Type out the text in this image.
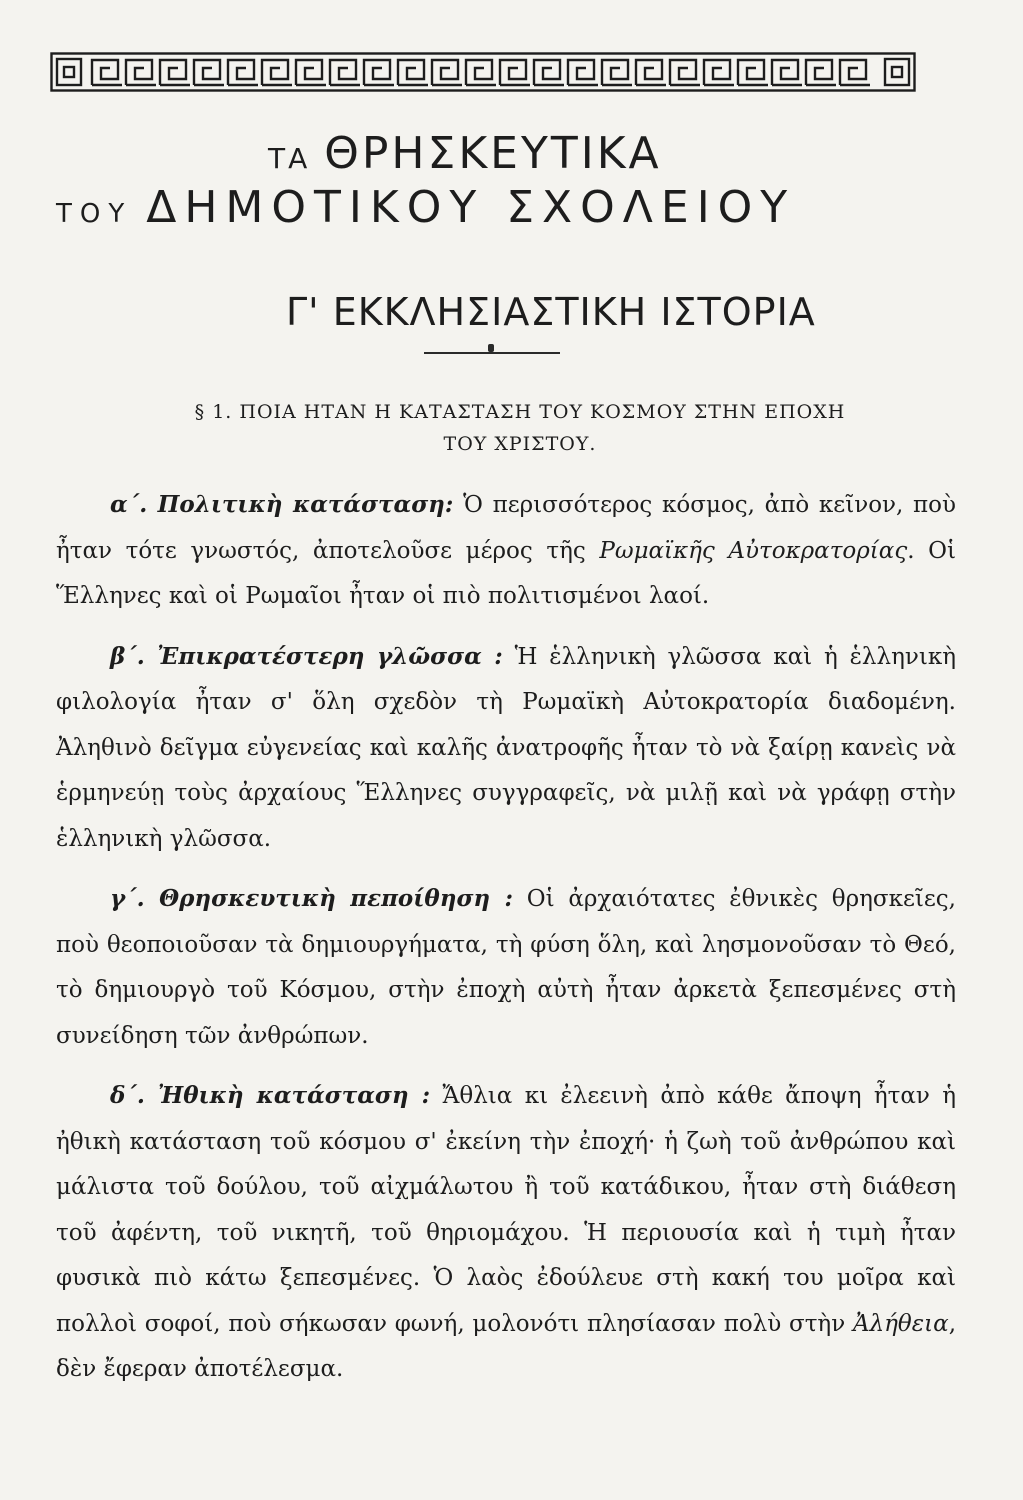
ΤΑ ΘΡΗΣΚΕΥΤΙΚΑ
ΤΟΥ ΔΗΜΟΤΙΚΟΥ ΣΧΟΛΕΙΟΥ
Γ' ΕΚΚΛΗΣΙΑΣΤΙΚΗ ΙΣΤΟΡΙΑ
§ 1. ΠΟΙΑ ΗΤΑΝ Η ΚΑΤΑΣΤΑΣΗ ΤΟΥ ΚΟΣΜΟΥ ΣΤΗΝ ΕΠΟΧΗ
ΤΟΥ ΧΡΙΣΤΟΥ.

α΄. Πολιτικὴ κατάσταση: Ὁ περισσότερος κόσμος, ἀπὸ κεῖνον, ποὺ ἦταν τότε γνωστός, ἀποτελοῦσε μέρος τῆς Ρωμαϊκῆς Αὐτοκρατορίας. Οἱ Ἕλληνες καὶ οἱ Ρωμαῖοι ἦταν οἱ πιὸ πολιτισμένοι λαοί.

β΄. Ἐπικρατέστερη γλῶσσα : Ἡ ἑλληνικὴ γλῶσσα καὶ ἡ ἑλληνικὴ φιλολογία ἦταν σ' ὅλη σχεδὸν τὴ Ρωμαϊκὴ Αὐτοκρατορία διαδομένη. Ἀληθινὸ δεῖγμα εὐγενείας καὶ καλῆς ἀνατροφῆς ἦταν τὸ νὰ ξαίρῃ κανεὶς νὰ ἑρμηνεύῃ τοὺς ἀρχαίους Ἕλληνες συγγραφεῖς, νὰ μιλῇ καὶ νὰ γράφῃ στὴν ἑλληνικὴ γλῶσσα.

γ΄. Θρησκευτικὴ πεποίθηση : Οἱ ἀρχαιότατες ἐθνικὲς θρησκεῖες, ποὺ θεοποιοῦσαν τὰ δημιουργήματα, τὴ φύση ὅλη, καὶ λησμονοῦσαν τὸ Θεό, τὸ δημιουργὸ τοῦ Κόσμου, στὴν ἐποχὴ αὐτὴ ἦταν ἀρκετὰ ξεπεσμένες στὴ συνείδηση τῶν ἀνθρώπων.

δ΄. Ἠθικὴ κατάσταση : Ἄθλια κι ἐλεεινὴ ἀπὸ κάθε ἄποψη ἦταν ἡ ἠθικὴ κατάσταση τοῦ κόσμου σ' ἐκείνη τὴν ἐποχή· ἡ ζωὴ τοῦ ἀνθρώπου καὶ μάλιστα τοῦ δούλου, τοῦ αἰχμάλωτου ἢ τοῦ κατάδικου, ἦταν στὴ διάθεση τοῦ ἀφέντη, τοῦ νικητῆ, τοῦ θηριομάχου. Ἡ περιουσία καὶ ἡ τιμὴ ἦταν φυσικὰ πιὸ κάτω ξεπεσμένες. Ὁ λαὸς ἐδούλευε στὴ κακή του μοῖρα καὶ πολλοὶ σοφοί, ποὺ σήκωσαν φωνή, μολονότι πλησίασαν πολὺ στὴν Ἀλήθεια, δὲν ἔφεραν ἀποτέλεσμα.
